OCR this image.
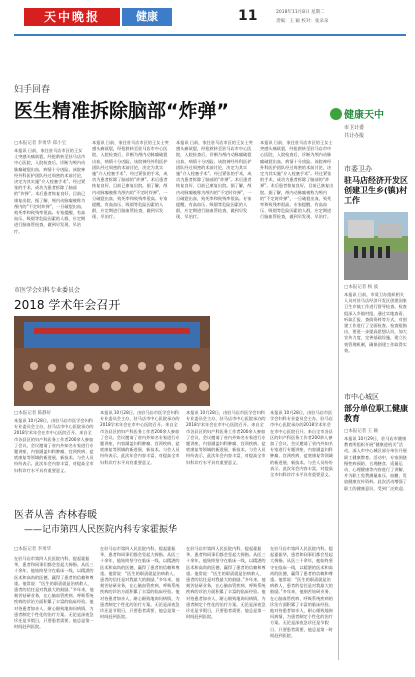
天中晚报	健康	11	2018年11月8日 星期二
责编：王 颖 校对：张朵朵
妇手回春
医生精准拆除脑部“炸弹”
□本报记者 李勇华 郑小宝
本报讯 日前，家住驻马店市区的王女士突感头痛欲裂，经抢救转至驻马店市中心医院，入院检查后，诊断为颅内动脉瘤破裂出血，病情十分凶险。该院神经外科医护团队经过周密的术前讨论，决定为其实施“介入栓塞手术”。经过紧张的手术，成功为患者拆除了脑部的“炸弹”。术后患者恢复良好，目前已康复出院。据了解，颅内动脉瘤被称为颅内的“不定时炸弹”，一旦破裂出血，致死率和致残率很高。专家提醒，有高血压、吸烟等危险因素的人群，应定期进行脑血管检查，做到早发现、早治疗。
本报讯 日前，家住驻马店市区的王女士突感头痛欲裂，经抢救转至驻马店市中心医院，入院检查后，诊断为颅内动脉瘤破裂出血，病情十分凶险。该院神经外科医护团队经过周密的术前讨论，决定为其实施“介入栓塞手术”。经过紧张的手术，成功为患者拆除了脑部的“炸弹”。术后患者恢复良好，目前已康复出院。据了解，颅内动脉瘤被称为颅内的“不定时炸弹”，一旦破裂出血，致死率和致残率很高。专家提醒，有高血压、吸烟等危险因素的人群，应定期进行脑血管检查，做到早发现、早治疗。
本报讯 日前，家住驻马店市区的王女士突感头痛欲裂，经抢救转至驻马店市中心医院，入院检查后，诊断为颅内动脉瘤破裂出血，病情十分凶险。该院神经外科医护团队经过周密的术前讨论，决定为其实施“介入栓塞手术”。经过紧张的手术，成功为患者拆除了脑部的“炸弹”。术后患者恢复良好，目前已康复出院。据了解，颅内动脉瘤被称为颅内的“不定时炸弹”，一旦破裂出血，致死率和致残率很高。专家提醒，有高血压、吸烟等危险因素的人群，应定期进行脑血管检查，做到早发现、早治疗。
本报讯 日前，家住驻马店市区的王女士突感头痛欲裂，经抢救转至驻马店市中心医院，入院检查后，诊断为颅内动脉瘤破裂出血，病情十分凶险。该院神经外科医护团队经过周密的术前讨论，决定为其实施“介入栓塞手术”。经过紧张的手术，成功为患者拆除了脑部的“炸弹”。术后患者恢复良好，目前已康复出院。据了解，颅内动脉瘤被称为颅内的“不定时炸弹”，一旦破裂出血，致死率和致残率很高。专家提醒，有高血压、吸烟等危险因素的人群，应定期进行脑血管检查，做到早发现、早治疗。
健康天中
市卫计委
共计办报
市医学会妇科专业委员会
2018 学术年会召开
□本报记者 陈静好
本报讯 10月28日，由驻马店市医学会妇科专业委员会主办，驻马店市中心医院承办的2018学术年会在市中心医院召开。来自全市各县区的妇产科医务工作者200余人参加了会议。会议邀请了省内外知名专家进行专题讲座，内容涵盖妇科肿瘤、宫颈疾病、盆底康复等领域的新进展、新技术。与会人员纷纷表示，此次年会内容丰富，对提高全市妇科诊疗水平具有重要意义。
本报讯 10月28日，由驻马店市医学会妇科专业委员会主办，驻马店市中心医院承办的2018学术年会在市中心医院召开。来自全市各县区的妇产科医务工作者200余人参加了会议。会议邀请了省内外知名专家进行专题讲座，内容涵盖妇科肿瘤、宫颈疾病、盆底康复等领域的新进展、新技术。与会人员纷纷表示，此次年会内容丰富，对提高全市妇科诊疗水平具有重要意义。
本报讯 10月28日，由驻马店市医学会妇科专业委员会主办，驻马店市中心医院承办的2018学术年会在市中心医院召开。来自全市各县区的妇产科医务工作者200余人参加了会议。会议邀请了省内外知名专家进行专题讲座，内容涵盖妇科肿瘤、宫颈疾病、盆底康复等领域的新进展、新技术。与会人员纷纷表示，此次年会内容丰富，对提高全市妇科诊疗水平具有重要意义。
本报讯 10月28日，由驻马店市医学会妇科专业委员会主办，驻马店市中心医院承办的2018学术年会在市中心医院召开。来自全市各县区的妇产科医务工作者200余人参加了会议。会议邀请了省内外知名专家进行专题讲座，内容涵盖妇科肿瘤、宫颈疾病、盆底康复等领域的新进展、新技术。与会人员纷纷表示，此次年会内容丰富，对提高全市妇科诊疗水平具有重要意义。
医者从善 杏林春暖
——记市第四人民医院内科专家霍振华
□本报记者 李勇华
在驻马店市第四人民医院内科，提起霍振华，患者和同事们都会竖起大拇指。从医三十余年，他始终坚守在临床一线，以精湛的医术和高尚的医德，赢得了患者的信赖和尊重。他常说：“医生的职责就是治病救人，患者的信任是对我最大的鼓励。”多年来，他刻苦钻研业务，在心脑血管疾病、呼吸系统疾病的诊治方面积累了丰富的临床经验。他对待患者如亲人，耐心细致地询问病情，为患者制定个性化的治疗方案。无论是深夜急诊还是节假日，只要患者需要，他总是第一时间赶到医院。
在驻马店市第四人民医院内科，提起霍振华，患者和同事们都会竖起大拇指。从医三十余年，他始终坚守在临床一线，以精湛的医术和高尚的医德，赢得了患者的信赖和尊重。他常说：“医生的职责就是治病救人，患者的信任是对我最大的鼓励。”多年来，他刻苦钻研业务，在心脑血管疾病、呼吸系统疾病的诊治方面积累了丰富的临床经验。他对待患者如亲人，耐心细致地询问病情，为患者制定个性化的治疗方案。无论是深夜急诊还是节假日，只要患者需要，他总是第一时间赶到医院。
在驻马店市第四人民医院内科，提起霍振华，患者和同事们都会竖起大拇指。从医三十余年，他始终坚守在临床一线，以精湛的医术和高尚的医德，赢得了患者的信赖和尊重。他常说：“医生的职责就是治病救人，患者的信任是对我最大的鼓励。”多年来，他刻苦钻研业务，在心脑血管疾病、呼吸系统疾病的诊治方面积累了丰富的临床经验。他对待患者如亲人，耐心细致地询问病情，为患者制定个性化的治疗方案。无论是深夜急诊还是节假日，只要患者需要，他总是第一时间赶到医院。
在驻马店市第四人民医院内科，提起霍振华，患者和同事们都会竖起大拇指。从医三十余年，他始终坚守在临床一线，以精湛的医术和高尚的医德，赢得了患者的信赖和尊重。他常说：“医生的职责就是治病救人，患者的信任是对我最大的鼓励。”多年来，他刻苦钻研业务，在心脑血管疾病、呼吸系统疾病的诊治方面积累了丰富的临床经验。他对待患者如亲人，耐心细致地询问病情，为患者制定个性化的治疗方案。无论是深夜急诊还是节假日，只要患者需要，他总是第一时间赶到医院。
市委卫办
驻马店经济开发区创建卫生乡(镇)村工作
□本报记者 杨 波
本报讯 日前，市爱卫办组织相关人员对驻马店经济开发区创建国家卫生乡镇工作进行督导检查。检查组深入乡镇村组，通过实地查看、听取汇报、查阅资料等方式，对创建工作进行了全面检查。检查组指出，要进一步提高思想认识，加大宣传力度，完善基础设施，建立长效管理机制，确保创建工作取得实效。
市中心城区
部分单位职工健康教育
□本报记者 王 颖
本报讯 10月29日，驻马店市健康教育所组织开展“健康进机关”活动，深入市中心城区部分单位开展职工健康教育。活动中，专家围绕慢性病预防、合理膳食、适量运动、心理健康等内容进行了讲解，并为职工免费测量血压、血糖，发放健康宣传资料。此次活动增强了职工的健康意识，受到广泛欢迎。
